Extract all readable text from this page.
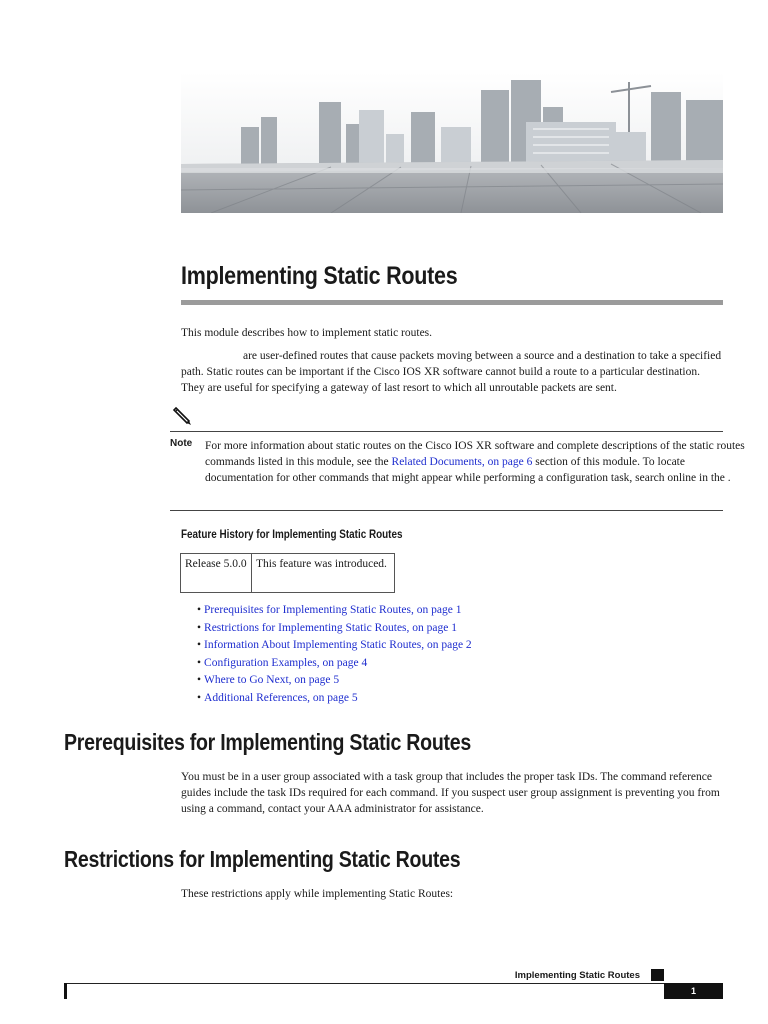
Implementing Static Routes
This module describes how to implement static routes.
are user-defined routes that cause packets moving between a source and a destination to take a specified path. Static routes can be important if the Cisco IOS XR software cannot build a route to a particular destination. They are useful for specifying a gateway of last resort to which all unroutable packets are sent.
Note For more information about static routes on the Cisco IOS XR software and complete descriptions of the static routes commands listed in this module, see the Related Documents, on page 6 section of this module. To locate documentation for other commands that might appear while performing a configuration task, search online in the .
Feature History for Implementing Static Routes
Release 5.0.0	This feature was introduced.
• Prerequisites for Implementing Static Routes, on page 1
• Restrictions for Implementing Static Routes, on page 1
• Information About Implementing Static Routes, on page 2
• Configuration Examples, on page 4
• Where to Go Next, on page 5
• Additional References, on page 5
Prerequisites for Implementing Static Routes
You must be in a user group associated with a task group that includes the proper task IDs. The command reference guides include the task IDs required for each command. If you suspect user group assignment is preventing you from using a command, contact your AAA administrator for assistance.
Restrictions for Implementing Static Routes
These restrictions apply while implementing Static Routes:
Implementing Static Routes
1
